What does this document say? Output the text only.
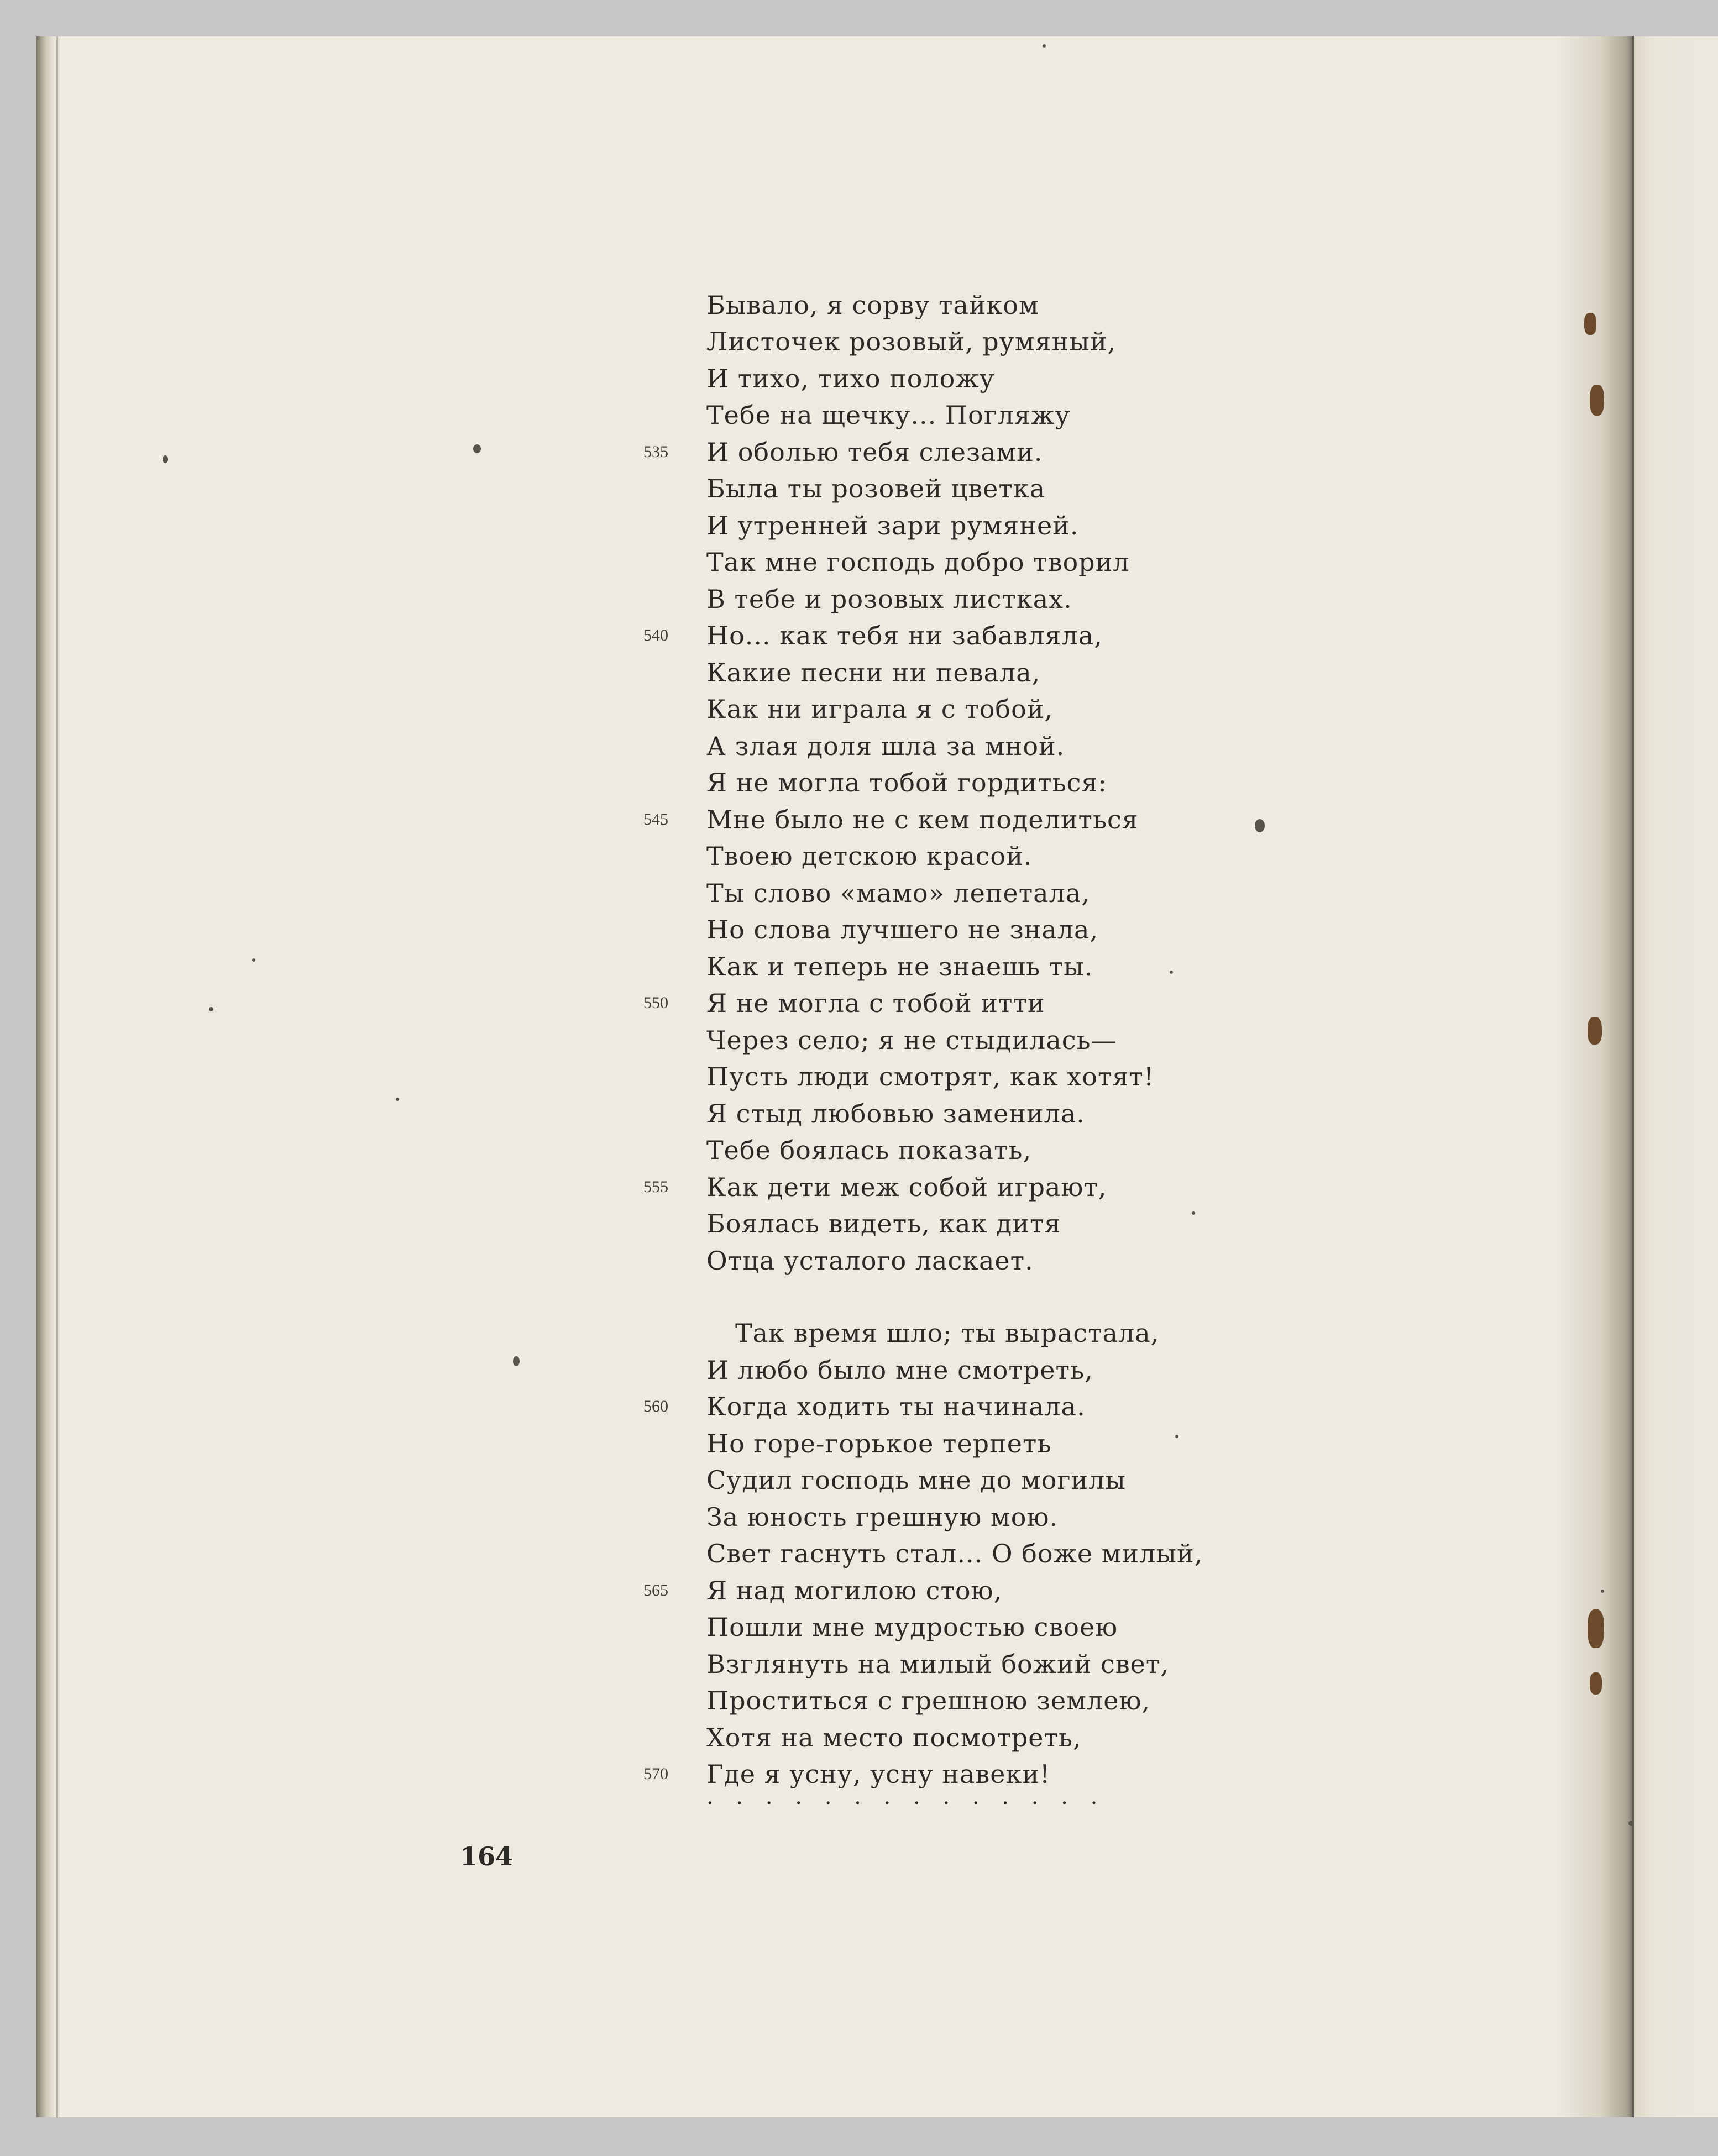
Бывало, я сорву тайком
Листочек розовый, румяный,
И тихо, тихо положу
Тебе на щечку... Погляжу
535 И оболью тебя слезами.
Была ты розовей цветка
И утренней зари румяней.
Так мне господь добро творил
В тебе и розовых листках.
540 Но... как тебя ни забавляла,
Какие песни ни певала,
Как ни играла я с тобой,
А злая доля шла за мной.
Я не могла тобой гордиться:
545 Мне было не с кем поделиться
Твоею детскою красой.
Ты слово «мамо» лепетала,
Но слова лучшего не знала,
Как и теперь не знаешь ты.
550 Я не могла с тобой итти
Через село; я не стыдилась—
Пусть люди смотрят, как хотят!
Я стыд любовью заменила.
Тебе боялась показать,
555 Как дети меж собой играют,
Боялась видеть, как дитя
Отца усталого ласкает.
Так время шло; ты вырастала,
И любо было мне смотреть,
560 Когда ходить ты начинала.
Но горе-горькое терпеть
Судил господь мне до могилы
За юность грешную мою.
Свет гаснуть стал... О боже милый,
565 Я над могилою стою,
Пошли мне мудростью своею
Взглянуть на милый божий свет,
Проститься с грешною землею,
Хотя на место посмотреть,
570 Где я усну, усну навеки!
. . . . . . . . . . . . . .
164
